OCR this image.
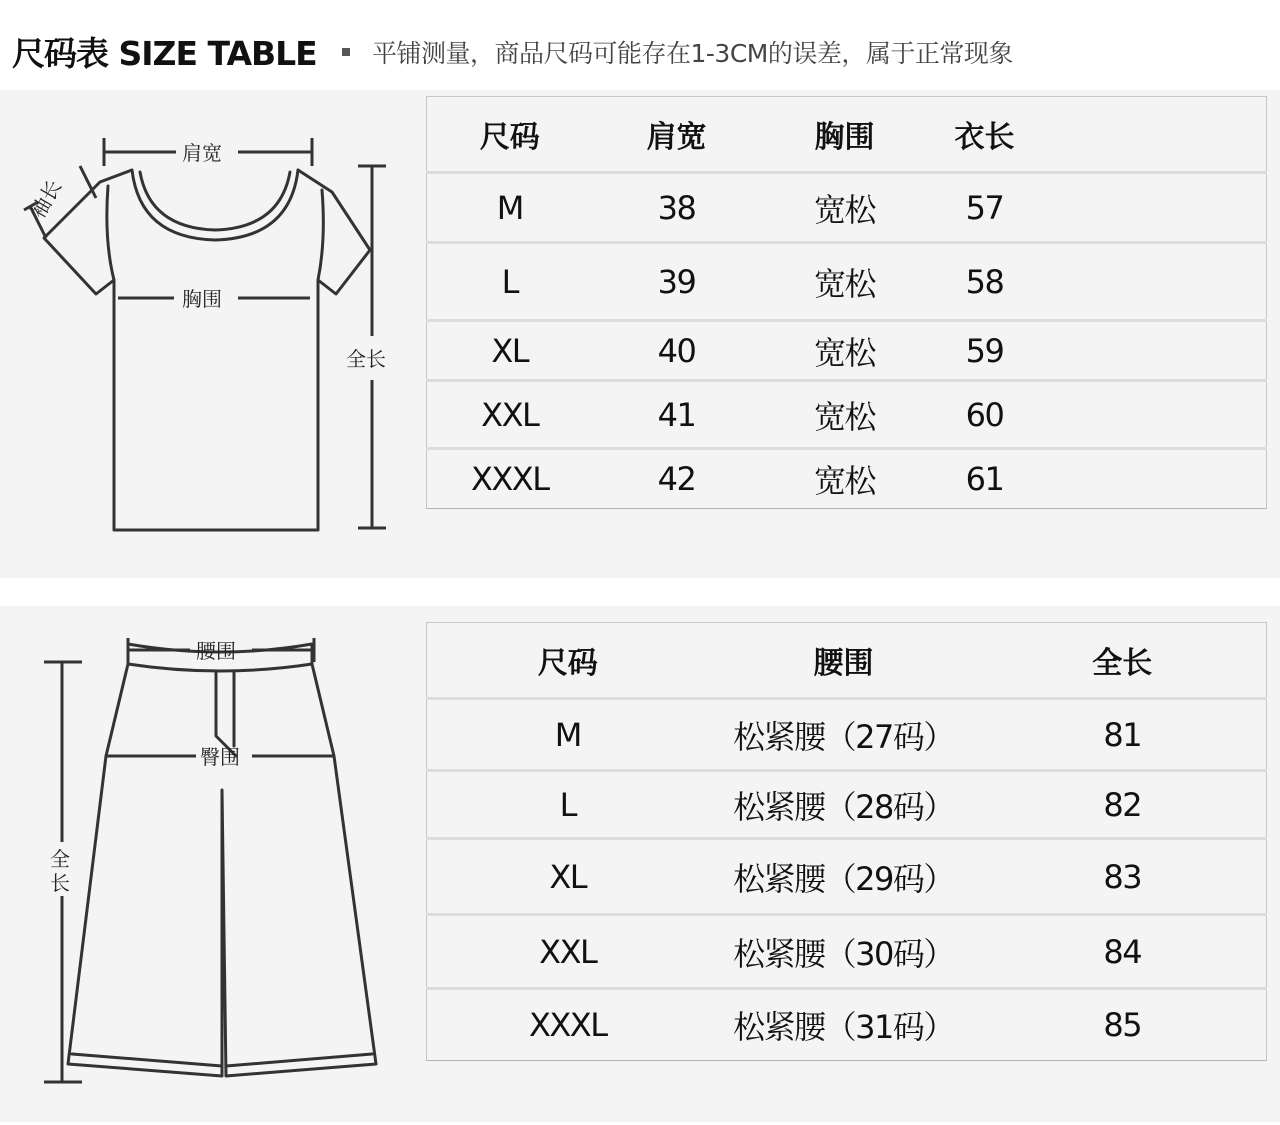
尺码表 SIZE TABLE 平铺测量，商品尺码可能存在1-3CM的误差，属于正常现象
肩宽
胸围
全长
袖长
尺码	肩宽	胸围	衣长	
M	38	宽松	57	
L	39	宽松	58	
XL	40	宽松	59	
XXL	41	宽松	60	
XXXL	42	宽松	61	
腰围
臀围
全
长
尺码	腰围	全长
M	松紧腰（27码）	81
L	松紧腰（28码）	82
XL	松紧腰（29码）	83
XXL	松紧腰（30码）	84
XXXL	松紧腰（31码）	85
